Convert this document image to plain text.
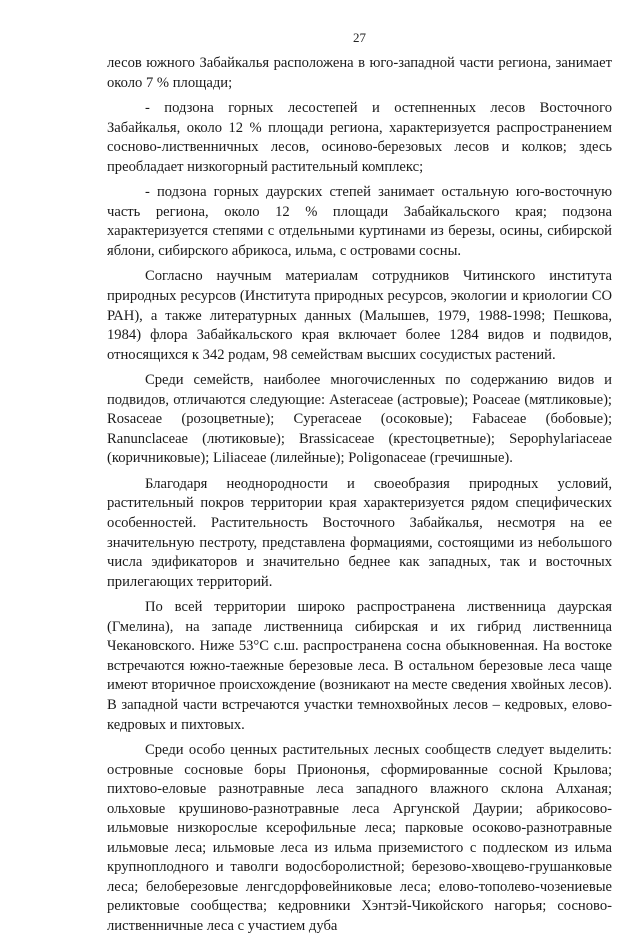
27

лесов южного Забайкалья расположена в юго-западной части региона, занимает около 7 % площади;

- подзона горных лесостепей и остепненных лесов Восточного Забайкалья, около 12 % площади региона, характеризуется распространением сосново-лиственничных лесов, осиново-березовых лесов и колков; здесь преобладает низкогорный растительный комплекс;

- подзона горных даурских степей занимает остальную юго-восточную часть региона, около 12 % площади Забайкальского края; подзона характеризуется степями с отдельными куртинами из березы, осины, сибирской яблони, сибирского абрикоса, ильма, с островами сосны.

Согласно научным материалам сотрудников Читинского института природных ресурсов (Института природных ресурсов, экологии и криологии СО РАН), а также литературных данных (Малышев, 1979, 1988-1998; Пешкова, 1984) флора Забайкальского края включает более 1284 видов и подвидов, относящихся к 342 родам, 98 семействам высших сосудистых растений.

Среди семейств, наиболее многочисленных по содержанию видов и подвидов, отличаются следующие: Asteraceae (астровые); Poaceae (мятликовые); Rosaceae (розоцветные); Cyperaceae (осоковые); Fabaceae (бобовые); Ranunclaceae (лютиковые); Brassicaceae (крестоцветные); Sepophylariaceae (коричниковые); Liliaceae (лилейные); Poligonaceae (гречишные).

Благодаря неоднородности и своеобразия природных условий, растительный покров территории края характеризуется рядом специфических особенностей. Растительность Восточного Забайкалья, несмотря на ее значительную пестроту, представлена формациями, состоящими из небольшого числа эдификаторов и значительно беднее как западных, так и восточных прилегающих территорий.

По всей территории широко распространена лиственница даурская (Гмелина), на западе лиственница сибирская и их гибрид лиственница Чекановского. Ниже 53°С с.ш. распространена сосна обыкновенная. На востоке встречаются южно-таежные березовые леса. В остальном березовые леса чаще имеют вторичное происхождение (возникают на месте сведения хвойных лесов). В западной части встречаются участки темнохвойных лесов – кедровых, елово-кедровых и пихтовых.

Среди особо ценных растительных лесных сообществ следует выделить: островные сосновые боры Приононья, сформированные сосной Крылова; пихтово-еловые разнотравные леса западного влажного склона Алханая; ольховые крушиново-разнотравные леса Аргунской Даурии; абрикосово-ильмовые низкорослые ксерофильные леса; парковые осоково-разнотравные ильмовые леса; ильмовые леса из ильма приземистого с подлеском из ильма крупноплодного и таволги водосборолистной; березово-хвощево-грушанковые леса; белоберезовые ленгсдорфовейниковые леса; елово-тополево-чозениевые реликтовые сообщества; кедровники Хэнтэй-Чикойского нагорья; сосново-лиственничные леса с участием дуба
